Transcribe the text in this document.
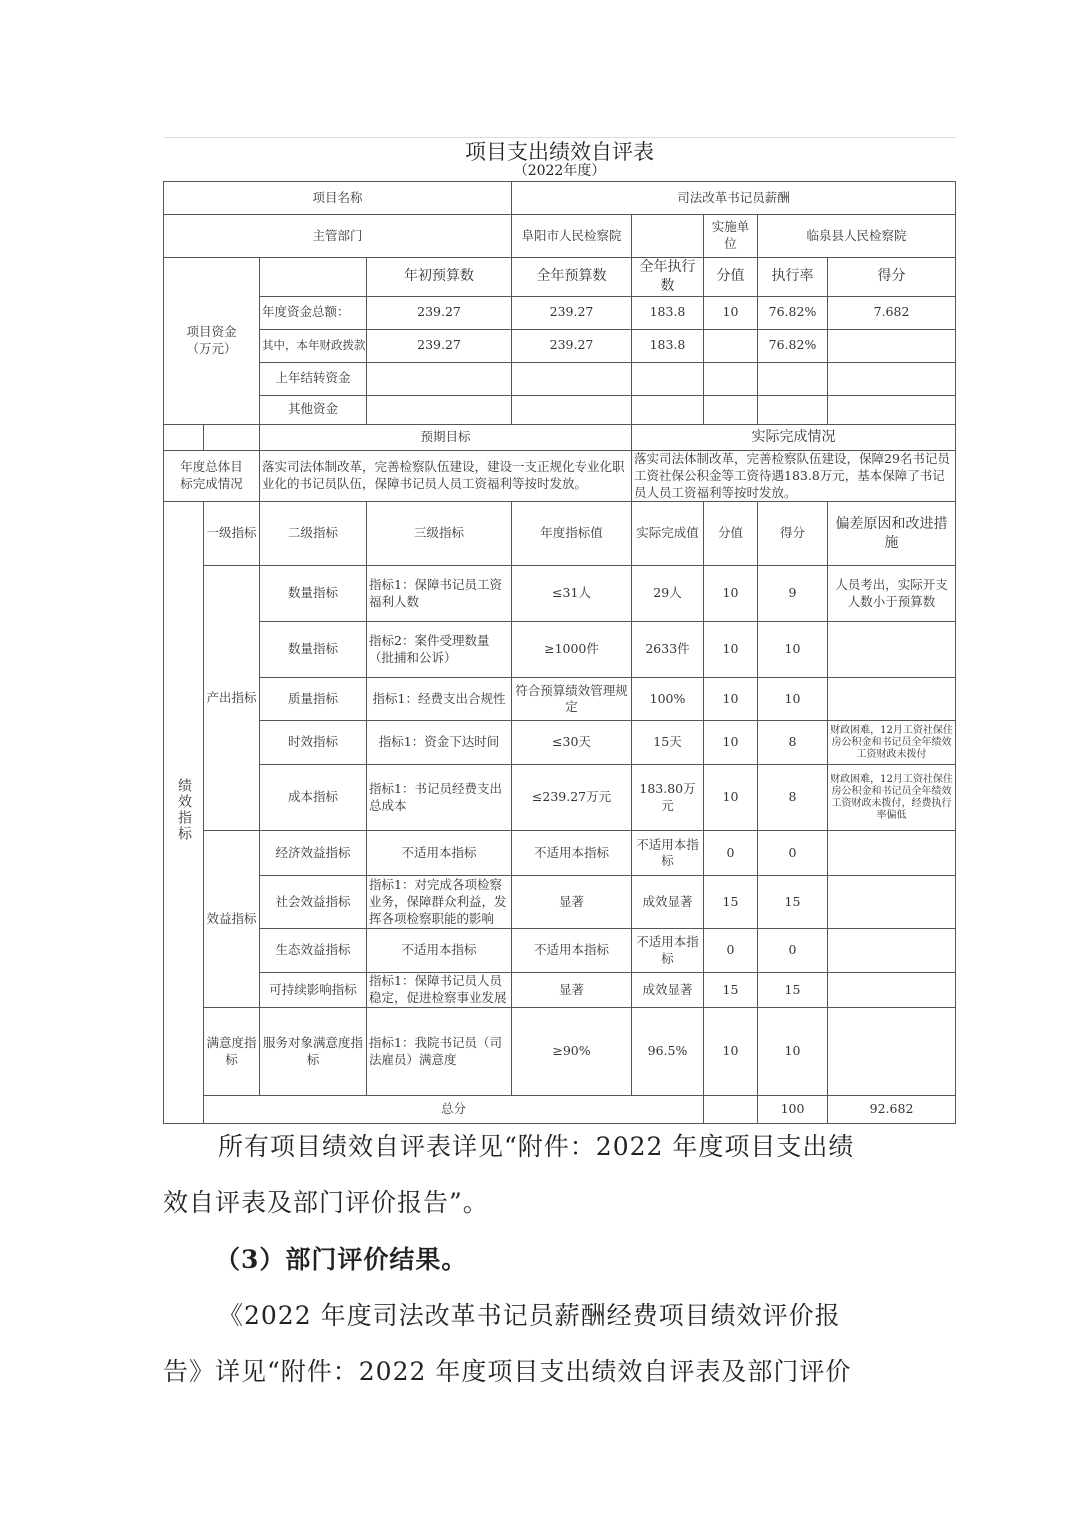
项目支出绩效自评表
（2022年度）									

项目名称				司法改革书记员薪酬					
主管部门				阜阳市人民检察院		实施单位	临泉县人民检察院		
项目资金（万元）			年初预算数	全年预算数	全年执行数	分值	执行率	得分	
		年度资金总额：	239.27	239.27	183.8	10	76.82%	7.682	
		其中，本年财政拨款	239.27	239.27	183.8		76.82%		
		上年结转资金							
		其他资金							
		预期目标			实际完成情况				
年度总体目标完成情况		落实司法体制改革，完善检察队伍建设，建设一支正规化专业化职业化的书记员队伍，保障书记员人员工资福利等按时发放。			落实司法体制改革，完善检察队伍建设，保障29名书记员工资社保公积金等工资待遇183.8万元，基本保障了书记员人员工资福利等按时发放。				
绩效指标	一级指标	二级指标	三级指标	年度指标值	实际完成值	分值	得分	偏差原因和改进措施	
	产出指标	数量指标	指标1：保障书记员工资福利人数	≤31人	29人	10	9	人员考出，实际开支人数小于预算数	
		数量指标	指标2：案件受理数量（批捕和公诉）	≥1000件	2633件	10	10		
		质量指标	指标1：经费支出合规性	符合预算绩效管理规定	100%	10	10		
		时效指标	指标1：资金下达时间	≤30天	15天	10	8	财政困难，12月工资社保住房公积金和书记员全年绩效工资财政未拨付	
		成本指标	指标1：书记员经费支出总成本	≤239.27万元	183.80万元	10	8	财政困难，12月工资社保住房公积金和书记员全年绩效工资财政未拨付，经费执行率偏低	
	效益指标	经济效益指标	不适用本指标	不适用本指标	不适用本指标	0	0		
		社会效益指标	指标1：对完成各项检察业务，保障群众利益，发挥各项检察职能的影响	显著	成效显著	15	15		
		生态效益指标	不适用本指标	不适用本指标	不适用本指标	0	0		
		可持续影响指标	指标1：保障书记员人员稳定，促进检察事业发展	显著	成效显著	15	15		
	满意度指标	服务对象满意度指标	指标1：我院书记员（司法雇员）满意度	≥90%	96.5%	10	10		
	总分						100	92.682	

所有项目绩效自评表详见“附件：2022 年度项目支出绩

效自评表及部门评价报告”。

（3）部门评价结果。

《2022 年度司法改革书记员薪酬经费项目绩效评价报

告》详见“附件：2022 年度项目支出绩效自评表及部门评价
